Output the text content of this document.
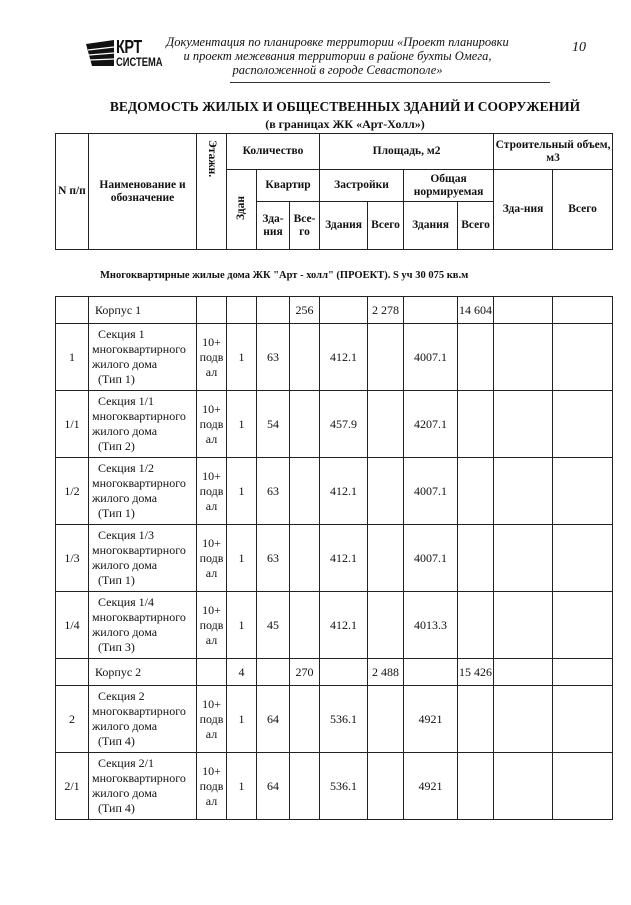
КРТ
СИСТЕМА
Документация по планировке территории «Проект планировки
и проект межевания территории в районе бухты Омега,
расположенной в городе Севастополе»
10
ВЕДОМОСТЬ ЖИЛЫХ И ОБЩЕСТВЕННЫХ ЗДАНИЙ И СООРУЖЕНИЙ
(в границах ЖК «Арт-Холл»)
N п/п	Наименование и обозначение	Этажн.	Количество			Площадь, м2				Строительный объем, м3	
			Здан	Квартир		Застройки		Общая нормируемая		Зда-ния	Всего
				Зда-ния	Все-го	Здания	Всего	Здания	Всего		
Многоквартирные жилые дома ЖК "Арт - холл" (ПРОЕКТ). S уч 30 075 кв.м
	Корпус 1				256		2 278		14 604		
1	Секция 1
многоквартирного
жилого дома
(Тип 1)	10+
подв
ал	1	63		412.1		4007.1			
1/1	Секция 1/1
многоквартирного
жилого дома
(Тип 2)	10+
подв
ал	1	54		457.9		4207.1			
1/2	Секция 1/2
многоквартирного
жилого дома
(Тип 1)	10+
подв
ал	1	63		412.1		4007.1			
1/3	Секция 1/3
многоквартирного
жилого дома
(Тип 1)	10+
подв
ал	1	63		412.1		4007.1			
1/4	Секция 1/4
многоквартирного
жилого дома
(Тип 3)	10+
подв
ал	1	45		412.1		4013.3			
	Корпус 2		4		270		2 488		15 426		
2	Секция 2
многоквартирного
жилого дома
(Тип 4)	10+
подв
ал	1	64		536.1		4921			
2/1	Секция 2/1
многоквартирного
жилого дома
(Тип 4)	10+
подв
ал	1	64		536.1		4921			
